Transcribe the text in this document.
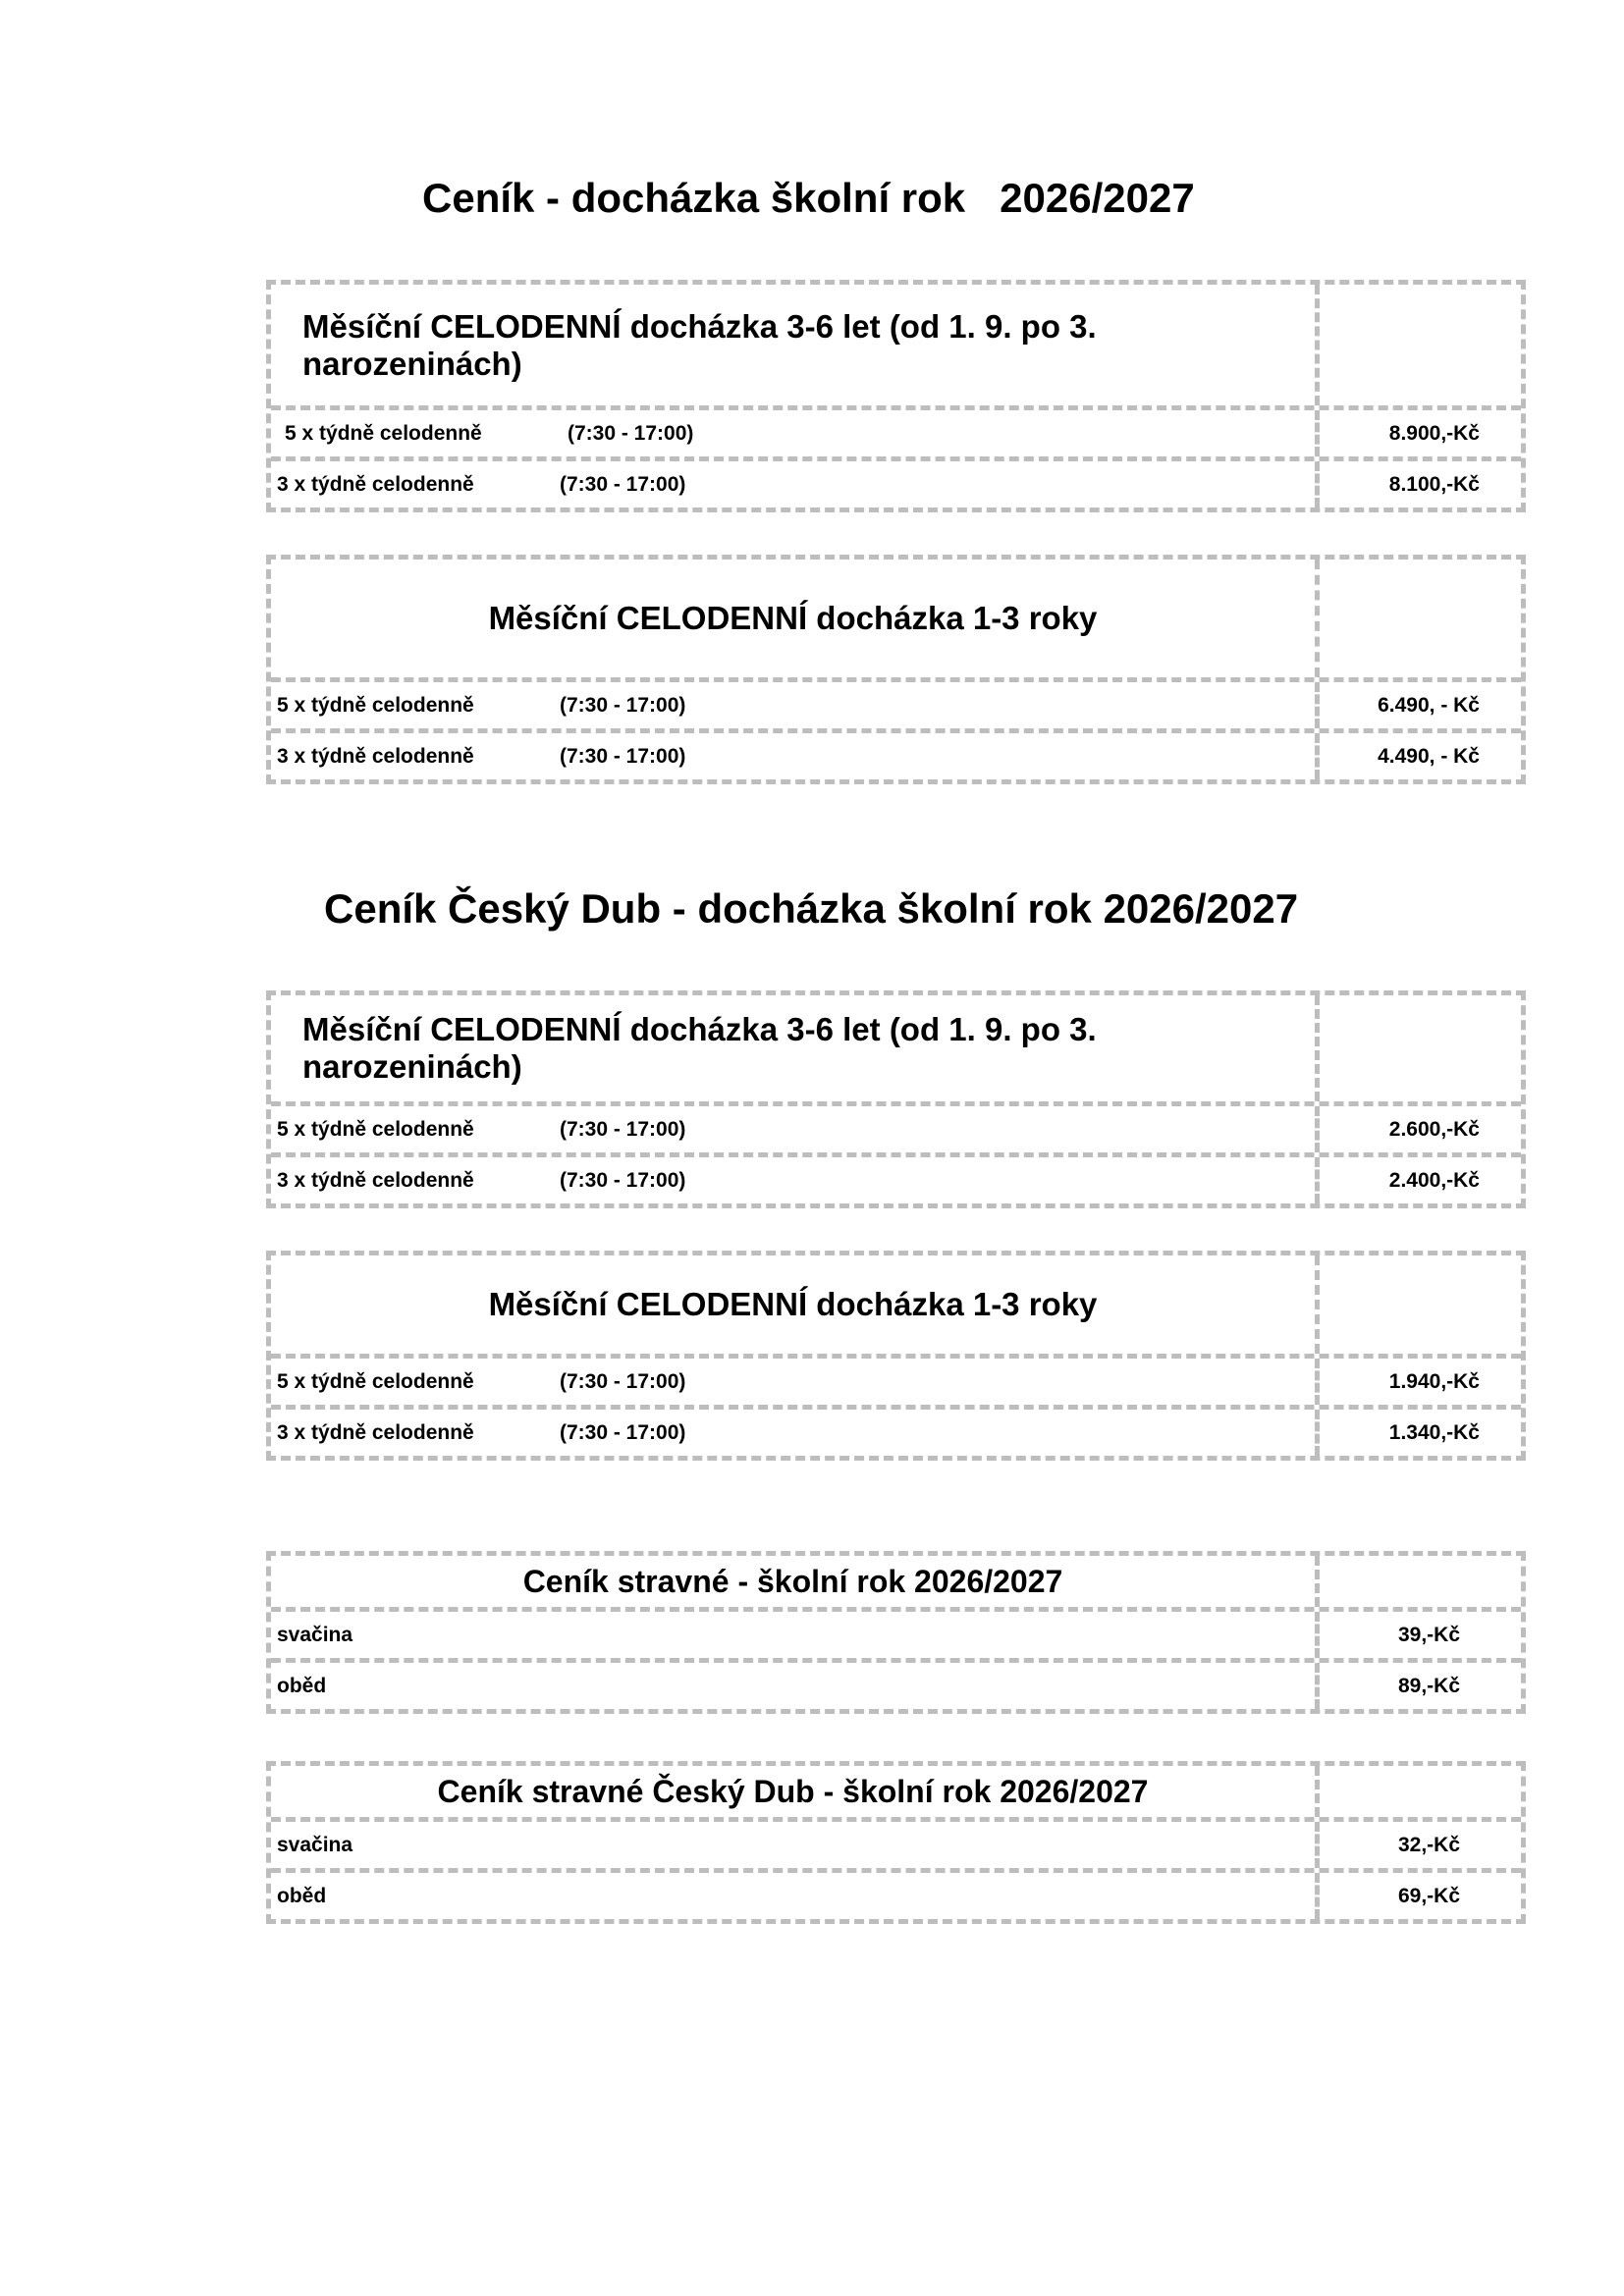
Ceník - docházka školní rok   2026/2027
Měsíční CELODENNÍ docházka 3-6 let (od 1. 9. po 3. narozeninách)
5 x týdně celodenně	(7:30 - 17:00)	8.900,-Kč
3 x týdně celodenně	(7:30 - 17:00)	8.100,-Kč
Měsíční CELODENNÍ docházka 1-3 roky
5 x týdně celodenně	(7:30 - 17:00)	6.490, - Kč
3 x týdně celodenně	(7:30 - 17:00)	4.490, - Kč
Ceník Český Dub - docházka školní rok 2026/2027
Měsíční CELODENNÍ docházka 3-6 let (od 1. 9. po 3. narozeninách)
5 x týdně celodenně	(7:30 - 17:00)	2.600,-Kč
3 x týdně celodenně	(7:30 - 17:00)	2.400,-Kč
Měsíční CELODENNÍ docházka 1-3 roky
5 x týdně celodenně	(7:30 - 17:00)	1.940,-Kč
3 x týdně celodenně	(7:30 - 17:00)	1.340,-Kč
Ceník stravné - školní rok 2026/2027
svačina	39,-Kč
oběd	89,-Kč
Ceník stravné Český Dub - školní rok 2026/2027
svačina	32,-Kč
oběd	69,-Kč
